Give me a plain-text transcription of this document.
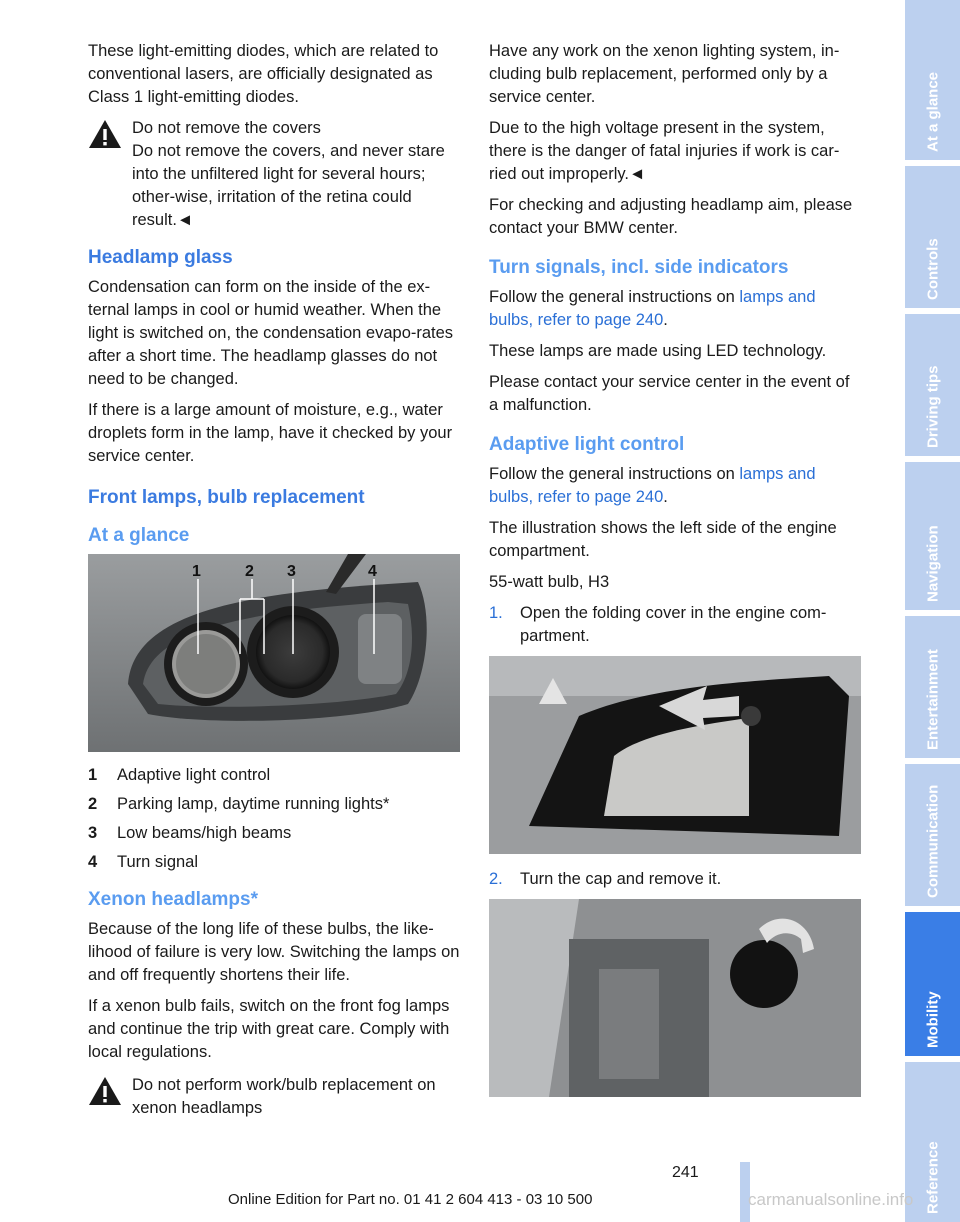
These light-emitting diodes, which are related to conventional lasers, are officially designated as Class 1 light-emitting diodes.

Do not remove the covers

Do not remove the covers, and never stare into the unfiltered light for several hours; other-wise, irritation of the retina could result.◄

Headlamp glass

Condensation can form on the inside of the ex-ternal lamps in cool or humid weather. When the light is switched on, the condensation evapo-rates after a short time. The headlamp glasses do not need to be changed.

If there is a large amount of moisture, e.g., water droplets form in the lamp, have it checked by your service center.

Front lamps, bulb replacement
At a glance
1	2 3	4
1	Adaptive light control
2	Parking lamp, daytime running lights*
3	Low beams/high beams
4	Turn signal
Xenon headlamps*

Because of the long life of these bulbs, the like-lihood of failure is very low. Switching the lamps on and off frequently shortens their life.

If a xenon bulb fails, switch on the front fog lamps and continue the trip with great care. Comply with local regulations.

Do not perform work/bulb replacement on xenon headlamps

Have any work on the xenon lighting system, in-cluding bulb replacement, performed only by a service center.

Due to the high voltage present in the system, there is the danger of fatal injuries if work is car-ried out improperly.◄

For checking and adjusting headlamp aim, please contact your BMW center.

Turn signals, incl. side indicators

Follow the general instructions on lamps and bulbs, refer to page 240.

These lamps are made using LED technology.

Please contact your service center in the event of a malfunction.

Adaptive light control

Follow the general instructions on lamps and bulbs, refer to page 240.

The illustration shows the left side of the engine compartment.

55-watt bulb, H3

1.	Open the folding cover in the engine com-partment.
2.	Turn the cap and remove it.
At a glance
Controls
Driving tips
Navigation
Entertainment
Communication
Mobility
Reference
241
Online Edition for Part no. 01 41 2 604 413 - 03 10 500	carmanualsonline.info
